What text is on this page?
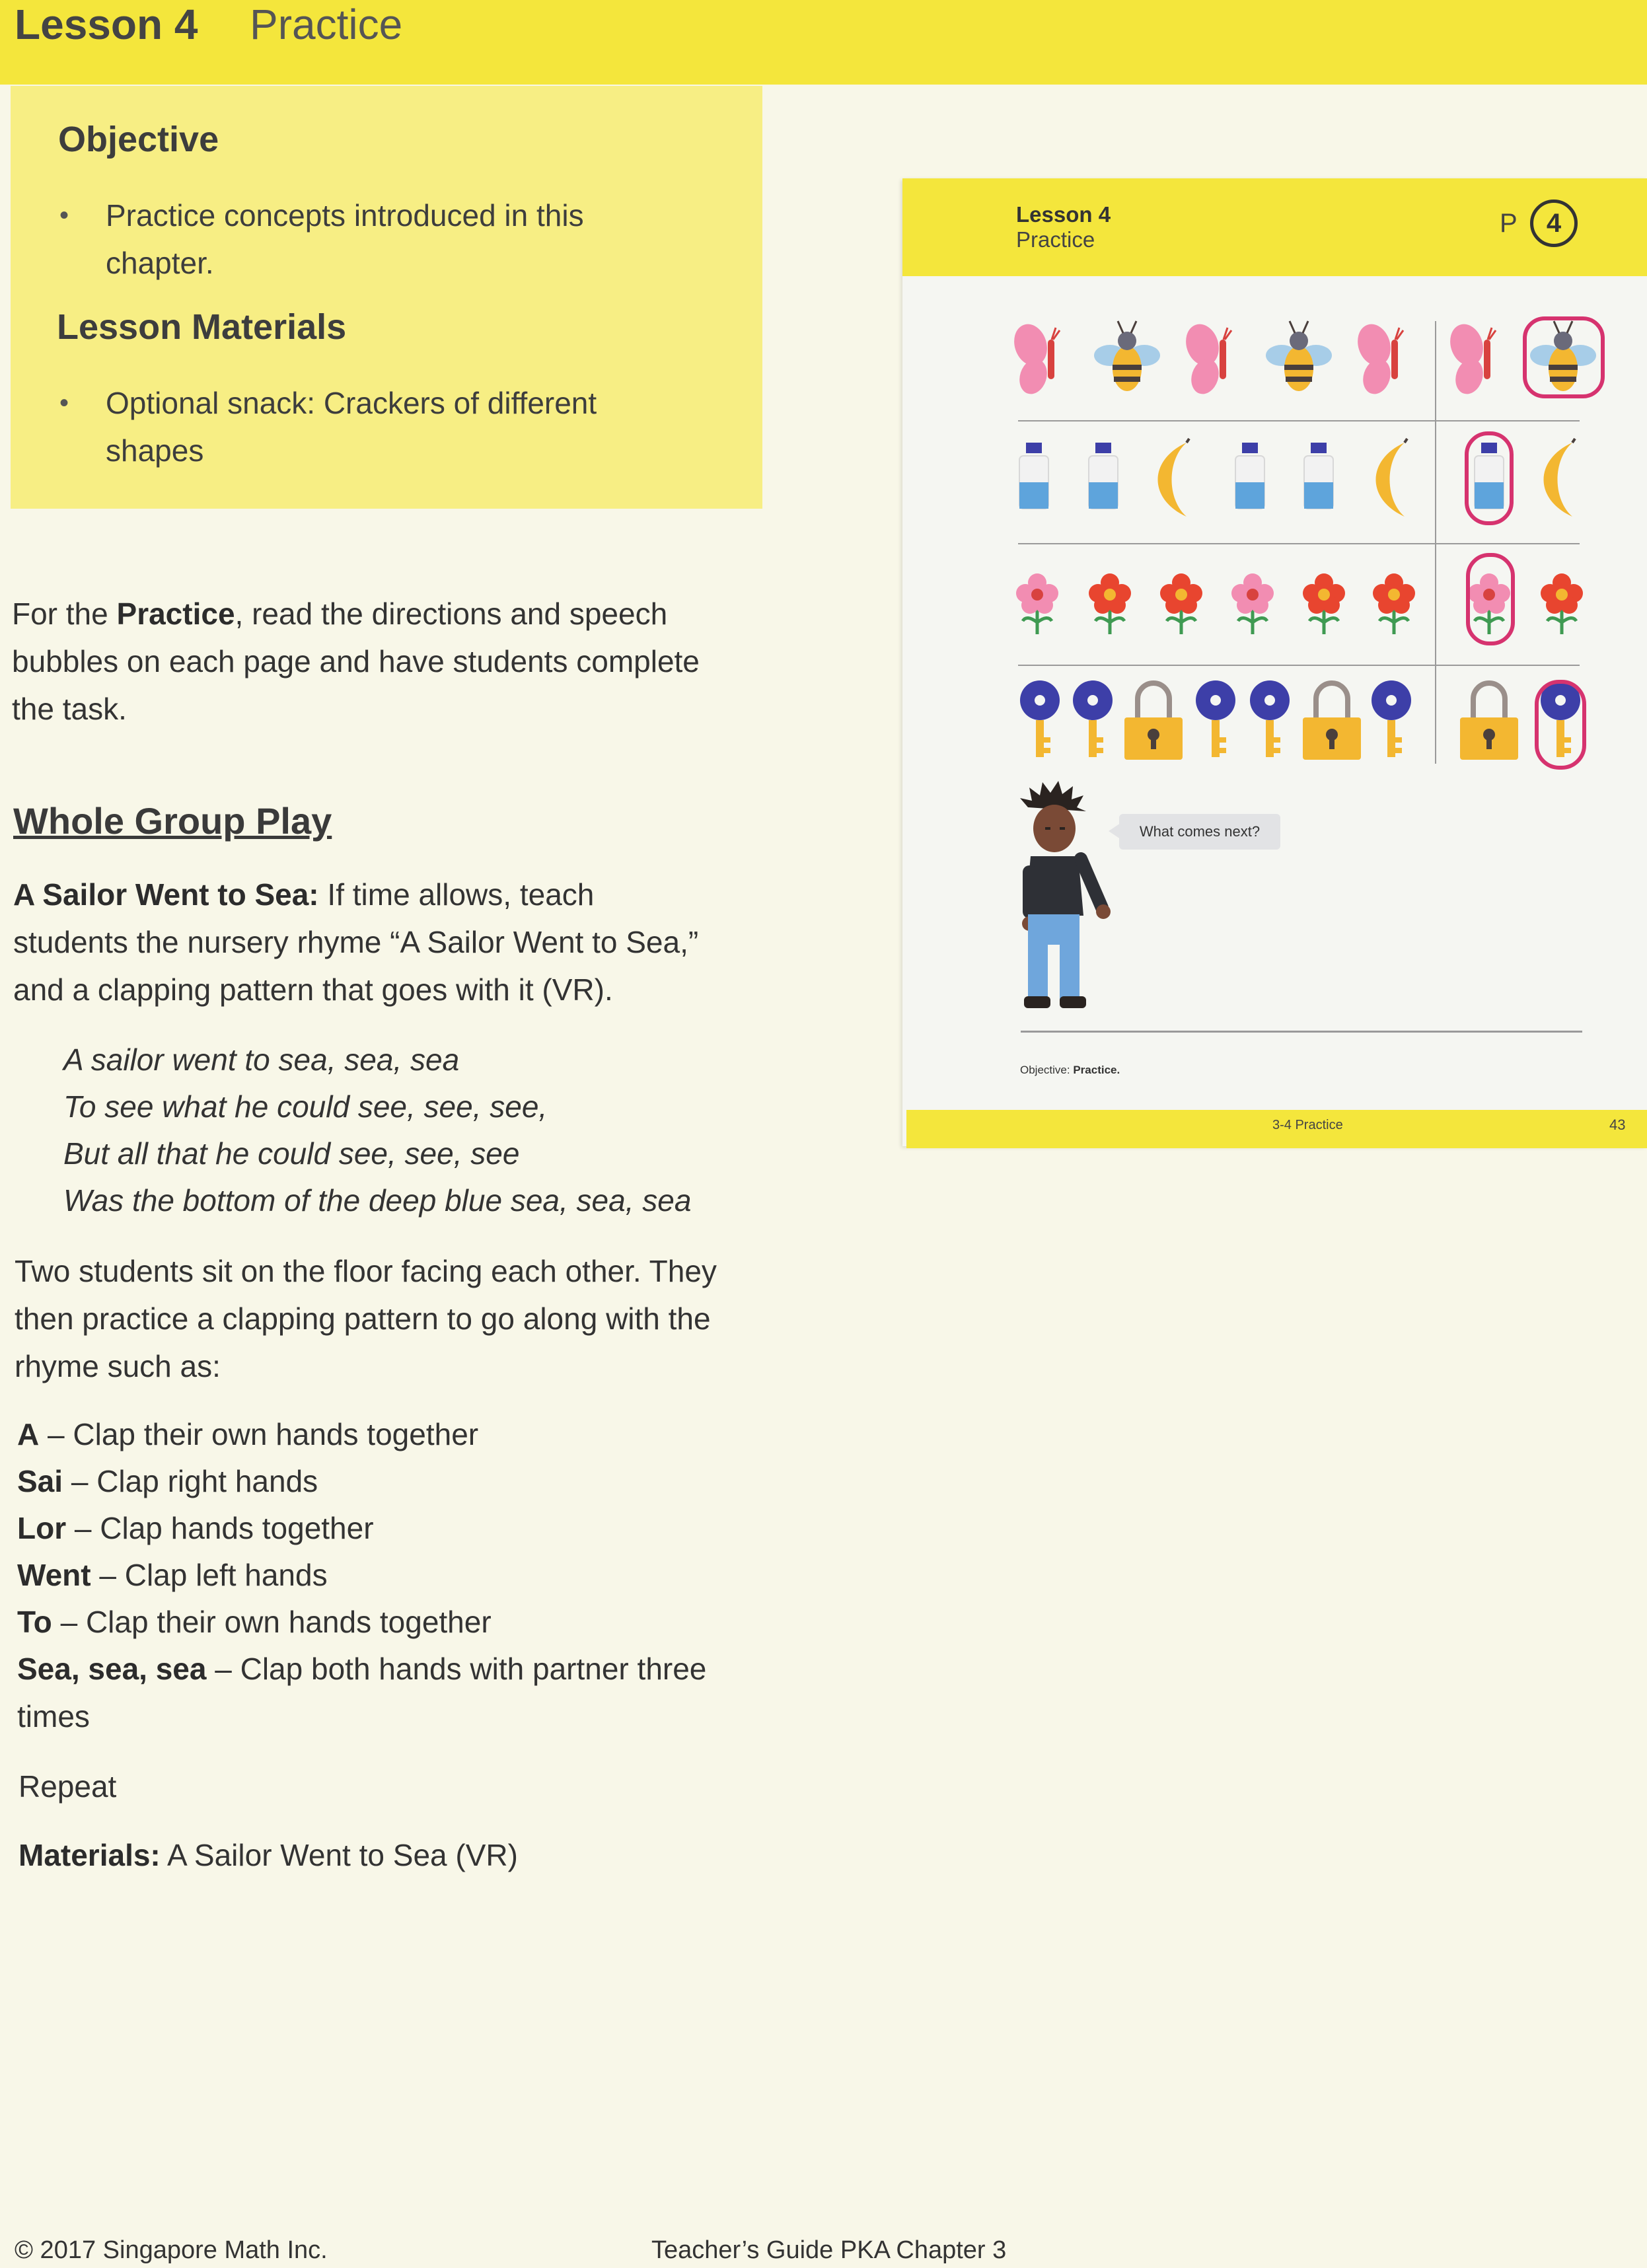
Lesson 4 Practice
Objective
• Practice concepts introduced in this
chapter.
Lesson Materials
• Optional snack: Crackers of different
shapes
For the Practice, read the directions and speech
bubbles on each page and have students complete
the task.
Whole Group Play
A Sailor Went to Sea: If time allows, teach
students the nursery rhyme “A Sailor Went to Sea,”
and a clapping pattern that goes with it (VR).
A sailor went to sea, sea, sea
To see what he could see, see, see,
But all that he could see, see, see
Was the bottom of the deep blue sea, sea, sea
Two students sit on the floor facing each other. They
then practice a clapping pattern to go along with the
rhyme such as:
A – Clap their own hands together
Sai – Clap right hands
Lor – Clap hands together
Went – Clap left hands
To – Clap their own hands together
Sea, sea, sea – Clap both hands with partner three
times
Repeat
Materials: A Sailor Went to Sea (VR)
Lesson 4
Practice
P	4
3-4 Practice	43
Objective: Practice.
What comes next?
© 2017 Singapore Math Inc.	Teacher’s Guide PKA Chapter 3
